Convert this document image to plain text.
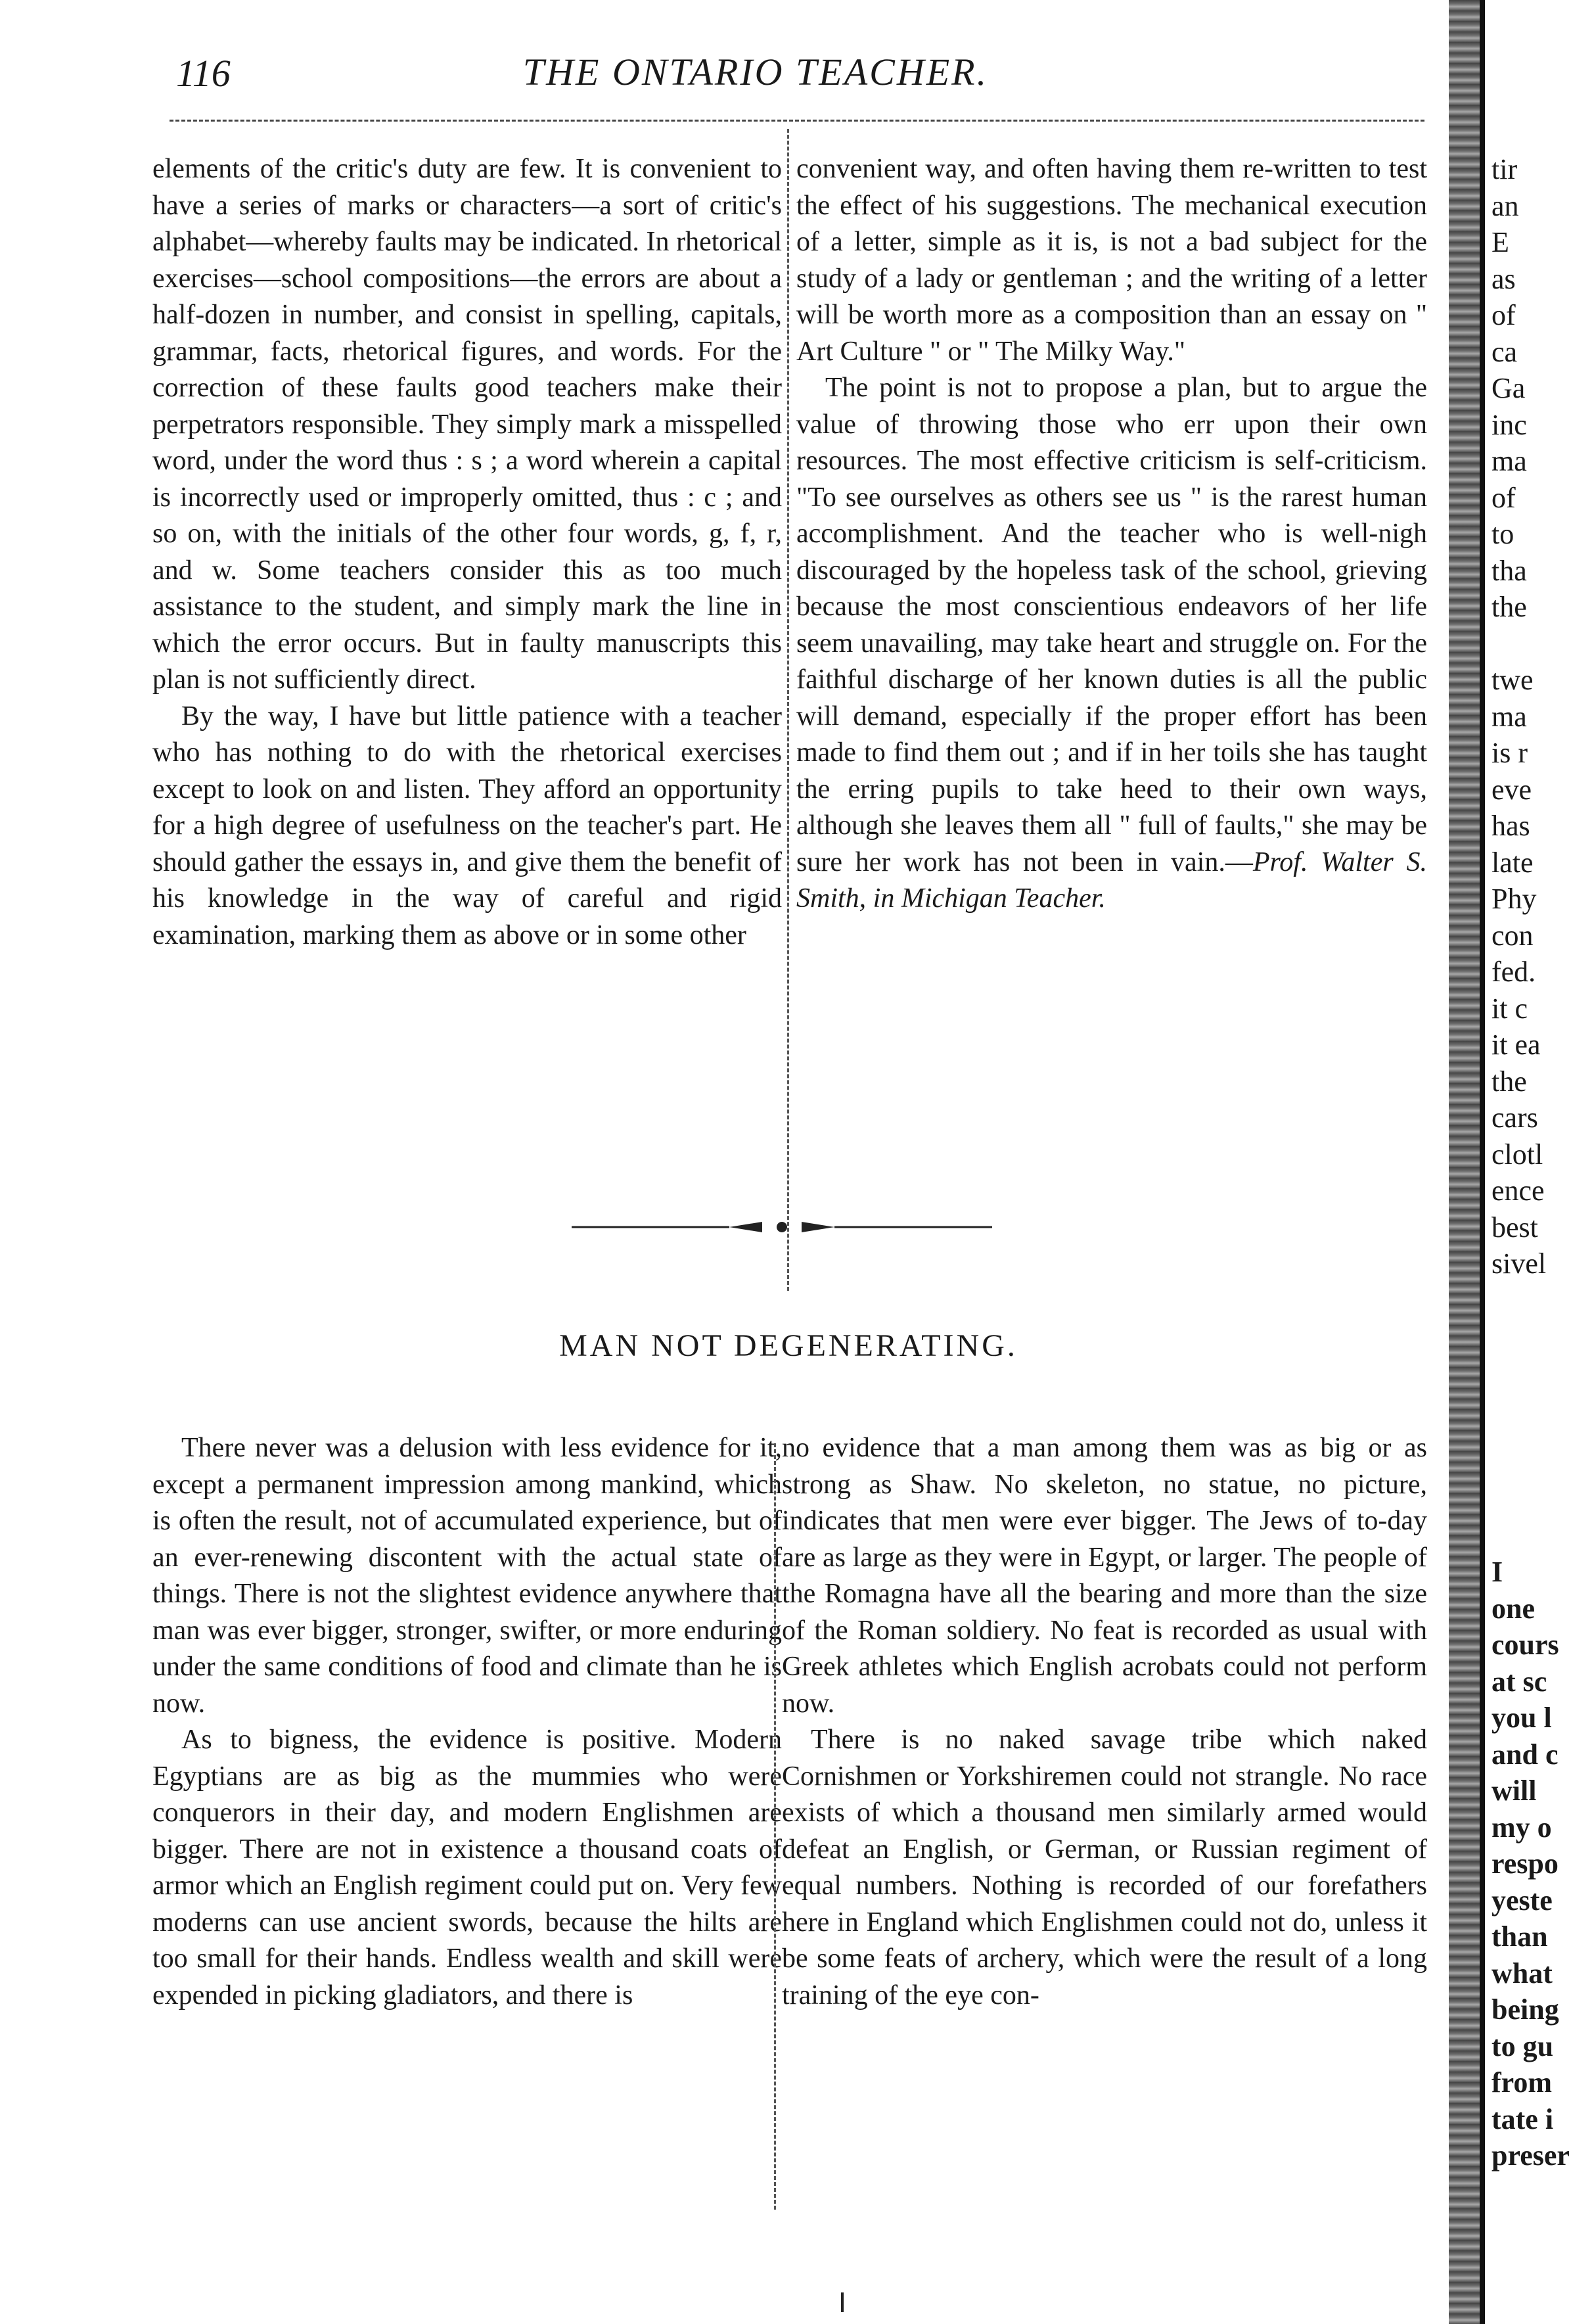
116	THE ONTARIO TEACHER.

elements of the critic's duty are few. It is convenient to have a series of marks or characters—a sort of critic's alphabet—whereby faults may be indicated. In rhetorical exercises—school compositions—the errors are about a half-dozen in number, and consist in spelling, capitals, grammar, facts, rhetorical figures, and words. For the correction of these faults good teachers make their perpetrators responsible. They simply mark a misspelled word, under the word thus : s ; a word wherein a capital is incorrectly used or improperly omitted, thus : c ; and so on, with the initials of the other four words, g, f, r, and w. Some teachers consider this as too much assistance to the student, and simply mark the line in which the error occurs. But in faulty manuscripts this plan is not sufficiently direct.

By the way, I have but little patience with a teacher who has nothing to do with the rhetorical exercises except to look on and listen. They afford an opportunity for a high degree of usefulness on the teacher's part. He should gather the essays in, and give them the benefit of his knowledge in the way of careful and rigid examination, marking them as above or in some other

convenient way, and often having them re-written to test the effect of his suggestions. The mechanical execution of a letter, simple as it is, is not a bad subject for the study of a lady or gentleman ; and the writing of a letter will be worth more as a composition than an essay on " Art Culture " or " The Milky Way."

The point is not to propose a plan, but to argue the value of throwing those who err upon their own resources. The most effective criticism is self-criticism. "To see ourselves as others see us " is the rarest human accomplishment. And the teacher who is well-nigh discouraged by the hopeless task of the school, grieving because the most conscientious endeavors of her life seem unavailing, may take heart and struggle on. For the faithful discharge of her known duties is all the public will demand, especially if the proper effort has been made to find them out ; and if in her toils she has taught the erring pupils to take heed to their own ways, although she leaves them all " full of faults," she may be sure her work has not been in vain.—Prof. Walter S. Smith, in Michigan Teacher.

MAN NOT DEGENERATING.

There never was a delusion with less evidence for it, except a permanent impression among mankind, which is often the result, not of accumulated experience, but of an ever-renewing discontent with the actual state of things. There is not the slightest evidence anywhere that man was ever bigger, stronger, swifter, or more enduring under the same conditions of food and climate than he is now.

As to bigness, the evidence is positive. Modern Egyptians are as big as the mummies who were conquerors in their day, and modern Englishmen are bigger. There are not in existence a thousand coats of armor which an English regiment could put on. Very few moderns can use ancient swords, because the hilts are too small for their hands. Endless wealth and skill were expended in picking gladiators, and there is

no evidence that a man among them was as big or as strong as Shaw. No skeleton, no statue, no picture, indicates that men were ever bigger. The Jews of to-day are as large as they were in Egypt, or larger. The people of the Romagna have all the bearing and more than the size of the Roman soldiery. No feat is recorded as usual with Greek athletes which English acrobats could not perform now.

There is no naked savage tribe which naked Cornishmen or Yorkshiremen could not strangle. No race exists of which a thousand men similarly armed would defeat an English, or German, or Russian regiment of equal numbers. Nothing is recorded of our forefathers here in England which Englishmen could not do, unless it be some feats of archery, which were the result of a long training of the eye con-

tir
an
E
as
of
ca
Ga
inc
ma
of
to
tha
the
twe
ma
is r
eve
has
late
Phy
con
fed.
it c
it ea
the
cars
clotl
ence
best
sivel
I
one
cours
at sc
you l
and c
will
my o
respo
yeste
than
what
being
to gu
from
tate i
preser
